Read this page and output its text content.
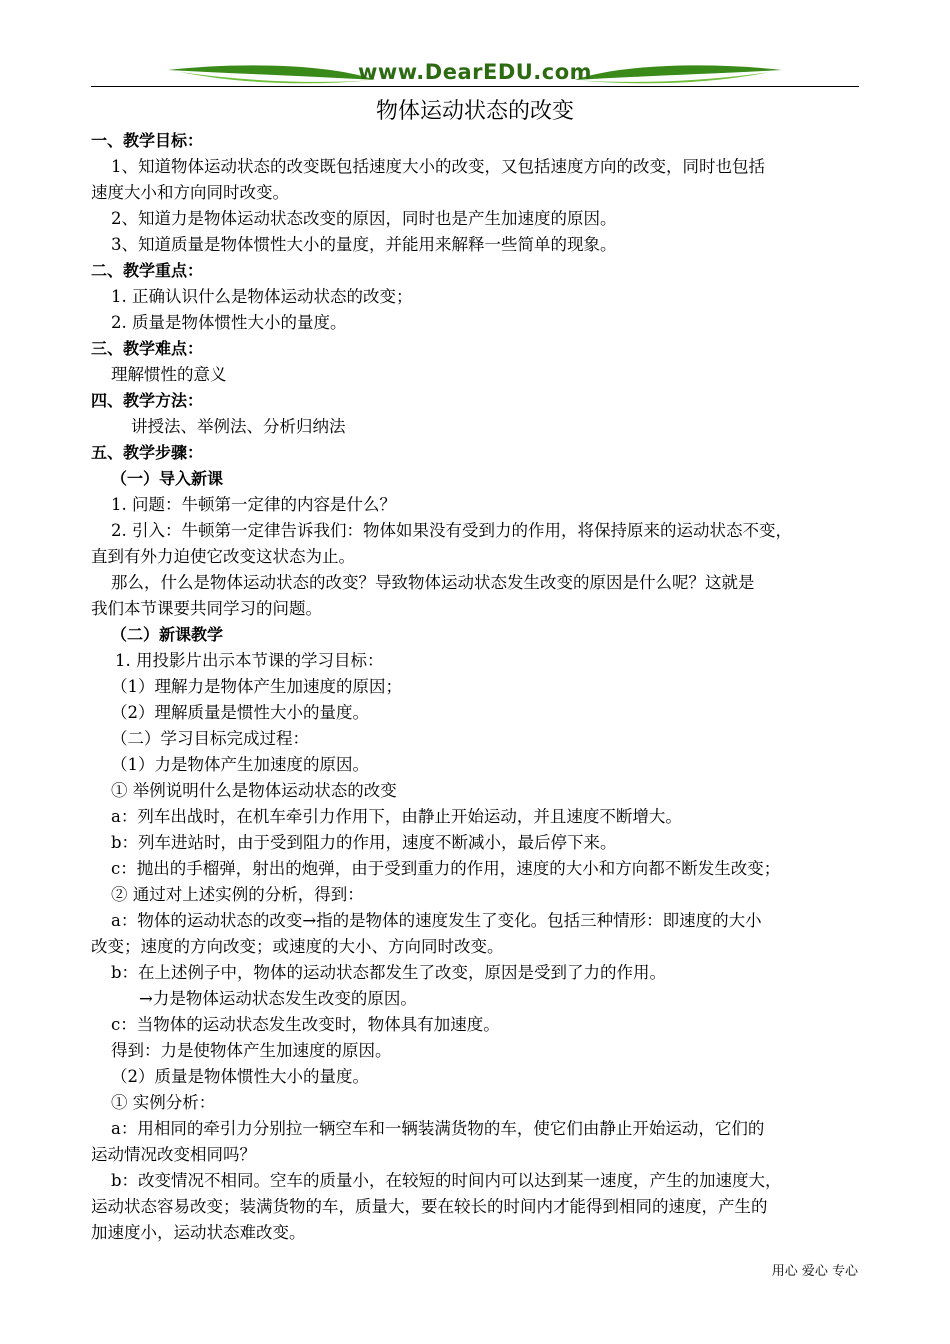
www.DearEDU.com
物体运动状态的改变
一、教学目标：
1、知道物体运动状态的改变既包括速度大小的改变，又包括速度方向的改变，同时也包括
速度大小和方向同时改变。
2、知道力是物体运动状态改变的原因，同时也是产生加速度的原因。
3、知道质量是物体惯性大小的量度，并能用来解释一些简单的现象。
二、教学重点：
1. 正确认识什么是物体运动状态的改变；
2. 质量是物体惯性大小的量度。
三、教学难点：
理解惯性的意义
四、教学方法：
讲授法、举例法、分析归纳法
五、教学步骤：
（一）导入新课
1. 问题：牛顿第一定律的内容是什么？
2. 引入：牛顿第一定律告诉我们：物体如果没有受到力的作用，将保持原来的运动状态不变，
直到有外力迫使它改变这状态为止。
那么，什么是物体运动状态的改变？导致物体运动状态发生改变的原因是什么呢？这就是
我们本节课要共同学习的问题。
（二）新课教学
1. 用投影片出示本节课的学习目标：
（1）理解力是物体产生加速度的原因；
（2）理解质量是惯性大小的量度。
（二）学习目标完成过程：
（1）力是物体产生加速度的原因。
① 举例说明什么是物体运动状态的改变
a：列车出战时，在机车牵引力作用下，由静止开始运动，并且速度不断增大。
b：列车进站时，由于受到阻力的作用，速度不断减小，最后停下来。
c：抛出的手榴弹，射出的炮弹，由于受到重力的作用，速度的大小和方向都不断发生改变；
② 通过对上述实例的分析，得到：
a：物体的运动状态的改变→指的是物体的速度发生了变化。包括三种情形：即速度的大小
改变；速度的方向改变；或速度的大小、方向同时改变。
b：在上述例子中，物体的运动状态都发生了改变，原因是受到了力的作用。
→力是物体运动状态发生改变的原因。
c：当物体的运动状态发生改变时，物体具有加速度。
得到：力是使物体产生加速度的原因。
（2）质量是物体惯性大小的量度。
① 实例分析：
a：用相同的牵引力分别拉一辆空车和一辆装满货物的车，使它们由静止开始运动，它们的
运动情况改变相同吗？
b：改变情况不相同。空车的质量小，在较短的时间内可以达到某一速度，产生的加速度大，
运动状态容易改变；装满货物的车，质量大，要在较长的时间内才能得到相同的速度，产生的
加速度小，运动状态难改变。
用心 爱心 专心
